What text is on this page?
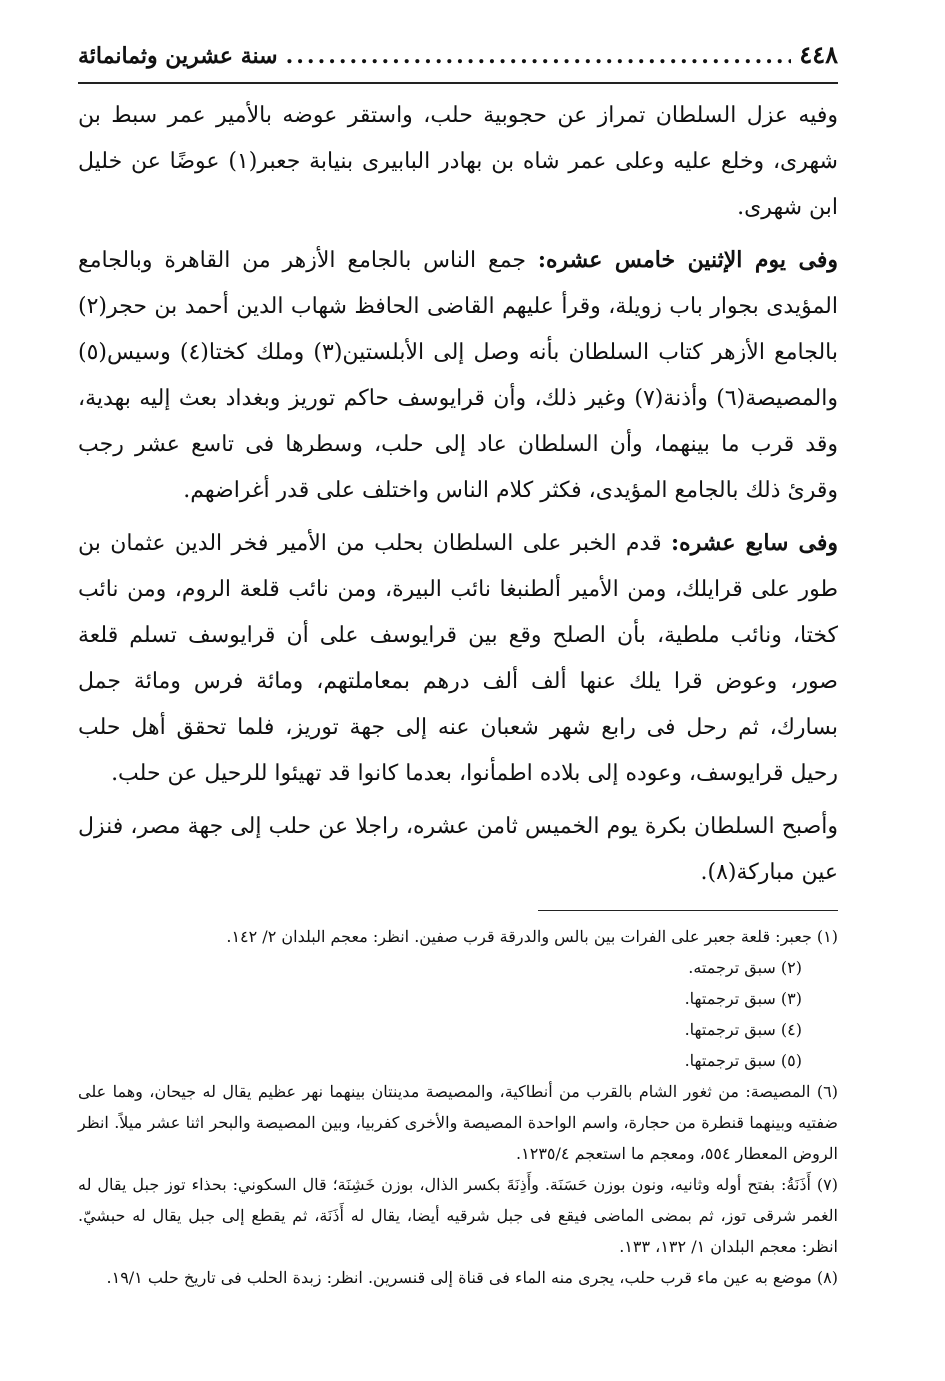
٤٤٨
.....
سنة عشرين وثمانمائة

وفيه عزل السلطان تمراز عن حجوبية حلب، واستقر عوضه بالأمير عمر سبط بن شهرى، وخلع عليه وعلى عمر شاه بن بهادر البابيرى بنيابة جعبر(١) عوضًا عن خليل ابن شهرى.

وفى يوم الإثنين خامس عشره: جمع الناس بالجامع الأزهر من القاهرة وبالجامع المؤيدى بجوار باب زويلة، وقرأ عليهم القاضى الحافظ شهاب الدين أحمد بن حجر(٢) بالجامع الأزهر كتاب السلطان بأنه وصل إلى الأبلستين(٣) وملك كختا(٤) وسيس(٥) والمصيصة(٦) وأذنة(٧) وغير ذلك، وأن قرايوسف حاكم توريز وبغداد بعث إليه بهدية، وقد قرب ما بينهما، وأن السلطان عاد إلى حلب، وسطرها فى تاسع عشر رجب وقرئ ذلك بالجامع المؤيدى، فكثر كلام الناس واختلف على قدر أغراضهم.

وفى سابع عشره: قدم الخبر على السلطان بحلب من الأمير فخر الدين عثمان بن طور على قرايلك، ومن الأمير ألطنبغا نائب البيرة، ومن نائب قلعة الروم، ومن نائب كختا، ونائب ملطية، بأن الصلح وقع بين قرايوسف على أن قرايوسف تسلم قلعة صور، وعوض قرا يلك عنها ألف ألف درهم بمعاملتهم، ومائة فرس ومائة جمل بسارك، ثم رحل فى رابع شهر شعبان عنه إلى جهة توريز، فلما تحقق أهل حلب رحيل قرايوسف، وعوده إلى بلاده اطمأنوا، بعدما كانوا قد تهيئوا للرحيل عن حلب.

وأصبح السلطان بكرة يوم الخميس ثامن عشره، راجلا عن حلب إلى جهة مصر، فنزل عين مباركة(٨).

(١) جعبر: قلعة جعبر على الفرات بين بالس والدرقة قرب صفين. انظر: معجم البلدان ٢/ ١٤٢.

(٢) سبق ترجمته.

(٣) سبق ترجمتها.

(٤) سبق ترجمتها.

(٥) سبق ترجمتها.

(٦) المصيصة: من ثغور الشام بالقرب من أنطاكية، والمصيصة مدينتان بينهما نهر عظيم يقال له جيحان، وهما على ضفتيه وبينهما قنطرة من حجارة، واسم الواحدة المصيصة والأخرى كفربيا، وبين المصيصة والبحر اثنا عشر ميلاً. انظر الروض المعطار ٥٥٤، ومعجم ما استعجم ١٢٣٥/٤.

(٧) أَذَنَةُ: بفتح أوله وثانيه، ونون بوزن حَسَنَة. وأَذِنَةَ بكسر الذال، بوزن خَشِنَة؛ قال السكوني: بحذاء توز جبل يقال له الغمر شرقى توز، ثم بمضى الماضى فيقع فى جبل شرقيه أيضا، يقال له أَذَنَة، ثم يقطع إلى جبل يقال له حبشيّ. انظر: معجم البلدان ١/ ١٣٢، ١٣٣.

(٨) موضع به عين ماء قرب حلب، يجرى منه الماء فى قناة إلى قنسرين. انظر: زبدة الحلب فى تاريخ حلب ١٩/١.
